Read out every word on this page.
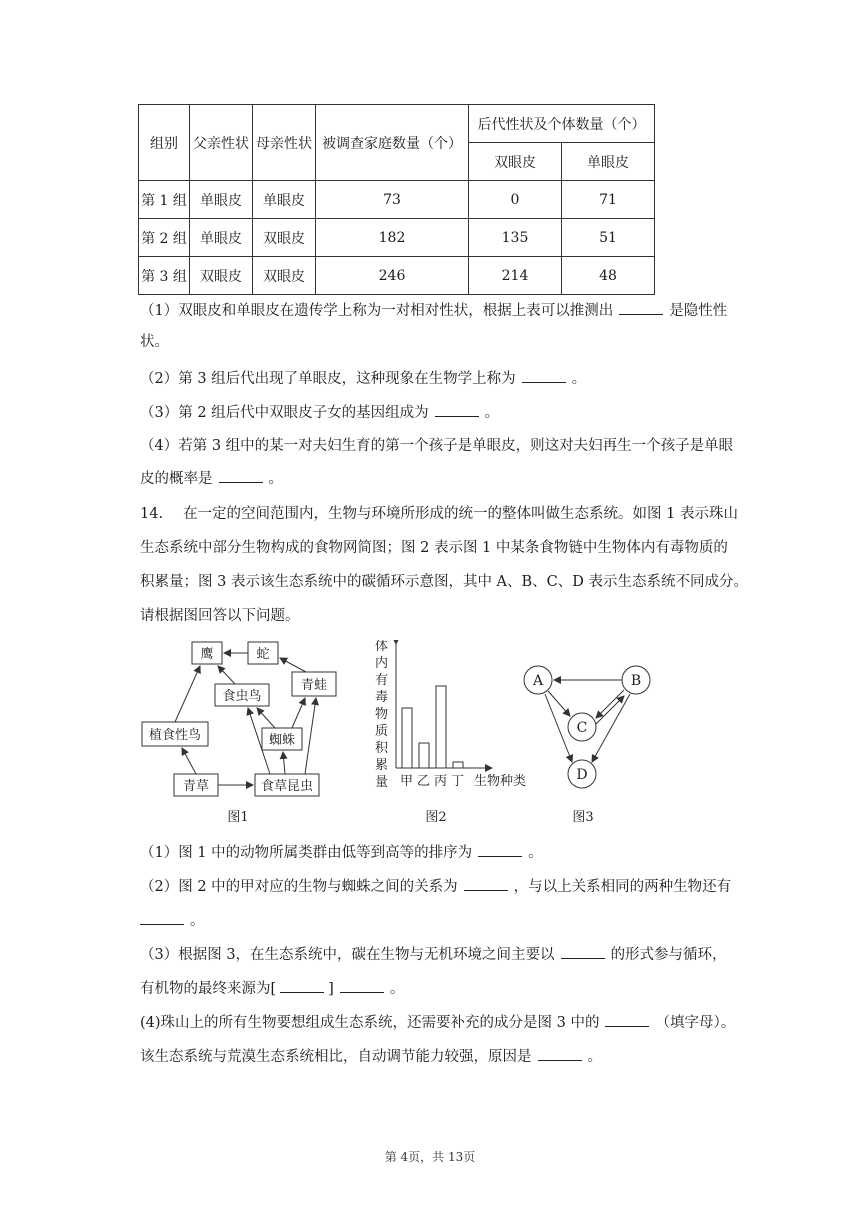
组别	父亲性状	母亲性状	被调查家庭数量（个）	后代性状及个体数量（个）	
				双眼皮	单眼皮
第 1 组	单眼皮	单眼皮	73	0	71
第 2 组	单眼皮	双眼皮	182	135	51
第 3 组	双眼皮	双眼皮	246	214	48
（1）双眼皮和单眼皮在遗传学上称为一对相对性状，根据上表可以推测出	是隐性性
状。
（2）第 3 组后代出现了单眼皮，这种现象在生物学上称为	。
（3）第 2 组后代中双眼皮子女的基因组成为	。
（4）若第 3 组中的某一对夫妇生育的第一个孩子是单眼皮，则这对夫妇再生一个孩子是单眼
皮的概率是	。
14. 在一定的空间范围内，生物与环境所形成的统一的整体叫做生态系统。如图 1 表示珠山
生态系统中部分生物构成的食物网简图；图 2 表示图 1 中某条食物链中生物体内有毒物质的
积累量；图 3 表示该生态系统中的碳循环示意图，其中 A、B、C、D 表示生态系统不同成分。
请根据图回答以下问题。
鹰	蛇
食虫鸟
青蛙
植食性鸟	蜘蛛
青草	食草昆虫
图1
体内有毒物质积累量 甲 乙 丙 丁 生物种类
图2
A	B
C
D
图3
（1）图 1 中的动物所属类群由低等到高等的排序为	。
（2）图 2 中的甲对应的生物与蜘蛛之间的关系为	，与以上关系相同的两种生物还有
。
（3）根据图 3，在生态系统中，碳在生物与无机环境之间主要以	的形式参与循环，
有机物的最终来源为[	]	。
(4)珠山上的所有生物要想组成生态系统，还需要补充的成分是图 3 中的	（填字母）。
该生态系统与荒漠生态系统相比，自动调节能力较强，原因是	。
第 4页，共 13页
